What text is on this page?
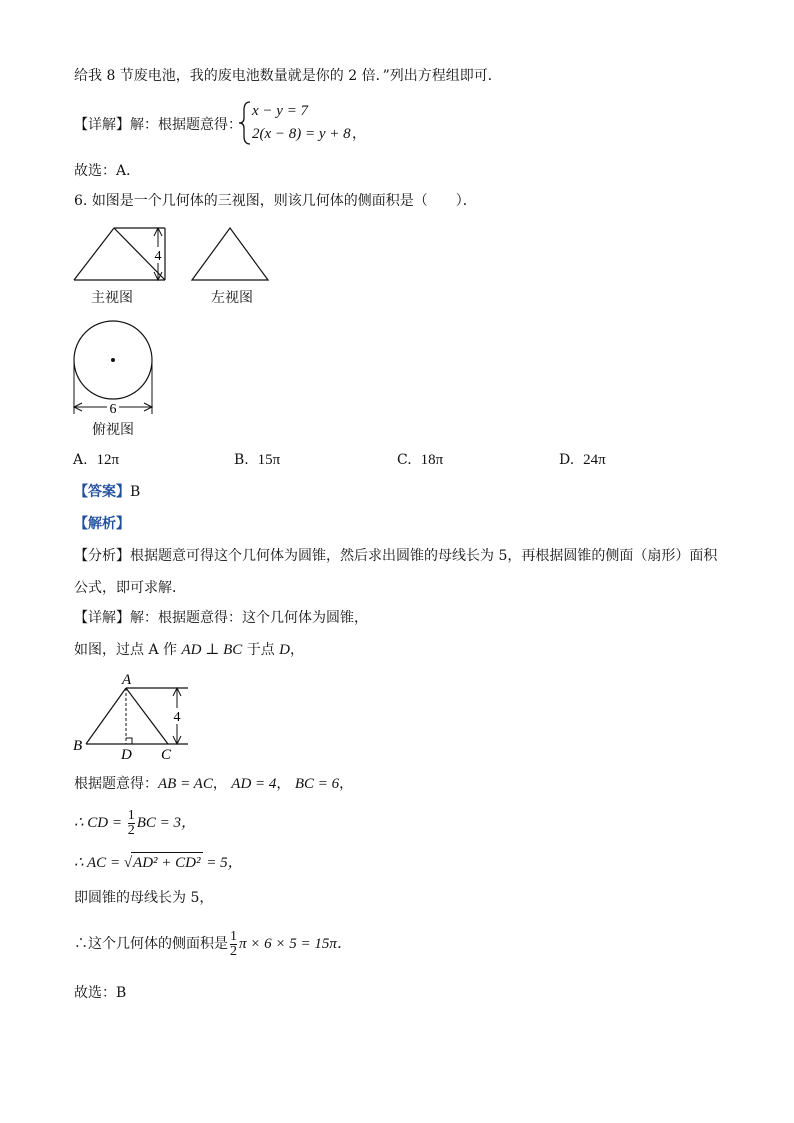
给我 8 节废电池，我的废电池数量就是你的 2 倍．”列出方程组即可．
【详解】解：根据题意得：
x − y = 7
2(x − 8) = y + 8 ，
故选：A．
6. 如图是一个几何体的三视图，则该几何体的侧面积是（　　）．
4
主视图	左视图
6
俯视图
A. 12π	B. 15π	C. 18π	D. 24π
【答案】B
【解析】
【分析】根据题意可得这个几何体为圆锥，然后求出圆锥的母线长为 5，再根据圆锥的侧面（扇形）面积
公式，即可求解．
【详解】解：根据题意得：这个几何体为圆锥，
如图，过点 A 作 AD ⊥ BC 于点 D，
4
A
B
D C
根据题意得：AB = AC， AD = 4， BC = 6，
∴ CD = $\frac{1}{2}$ BC = 3，
∴ AC = √AD² + CD² = 5，
即圆锥的母线长为 5，
∴这个几何体的侧面积是 $\frac{1}{2}$ π × 6 × 5 = 15π．
故选：B
